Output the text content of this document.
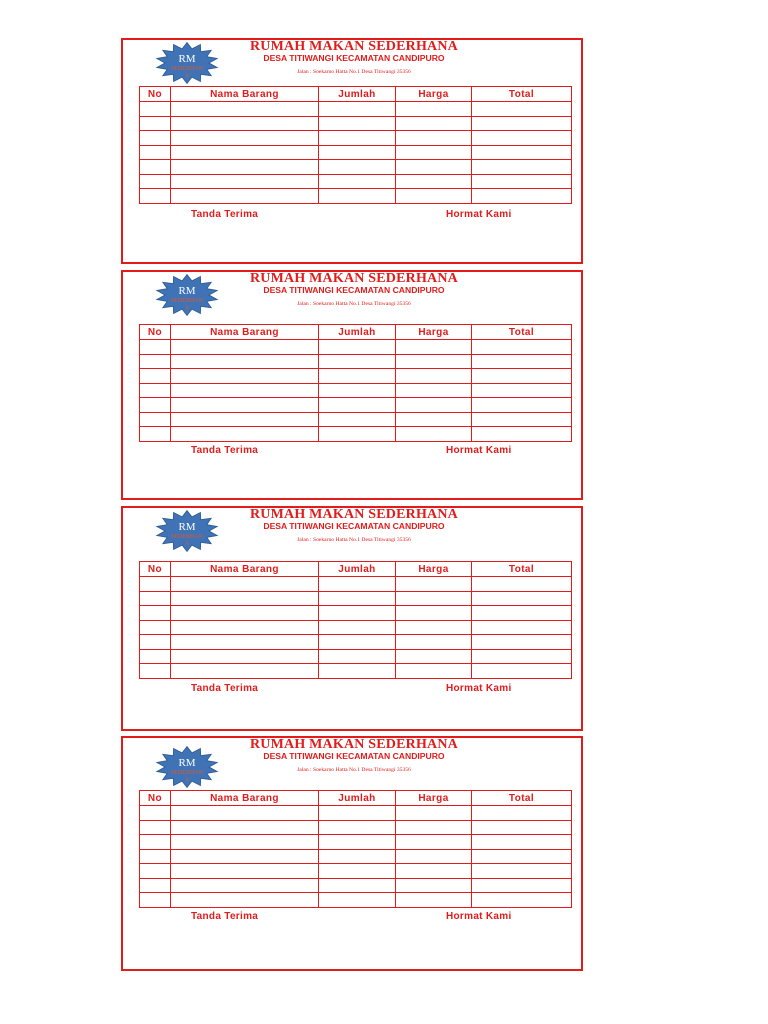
RM
SEDERHANA
RUMAH MAKAN SEDERHANA
DESA TITIWANGI KECAMATAN CANDIPURO
Jalan : Soekarno Hatta No.1 Desa Titiwangi 35356
No	Nama Barang	Jumlah	Harga	Total

Tanda Terima	Hormat Kami
RM
SEDERHANA
RUMAH MAKAN SEDERHANA
DESA TITIWANGI KECAMATAN CANDIPURO
Jalan : Soekarno Hatta No.1 Desa Titiwangi 35356
No	Nama Barang	Jumlah	Harga	Total

Tanda Terima	Hormat Kami
RM
SEDERHANA
RUMAH MAKAN SEDERHANA
DESA TITIWANGI KECAMATAN CANDIPURO
Jalan : Soekarno Hatta No.1 Desa Titiwangi 35356
No	Nama Barang	Jumlah	Harga	Total

Tanda Terima	Hormat Kami
RM
SEDERHANA
RUMAH MAKAN SEDERHANA
DESA TITIWANGI KECAMATAN CANDIPURO
Jalan : Soekarno Hatta No.1 Desa Titiwangi 35356
No	Nama Barang	Jumlah	Harga	Total

Tanda Terima	Hormat Kami
